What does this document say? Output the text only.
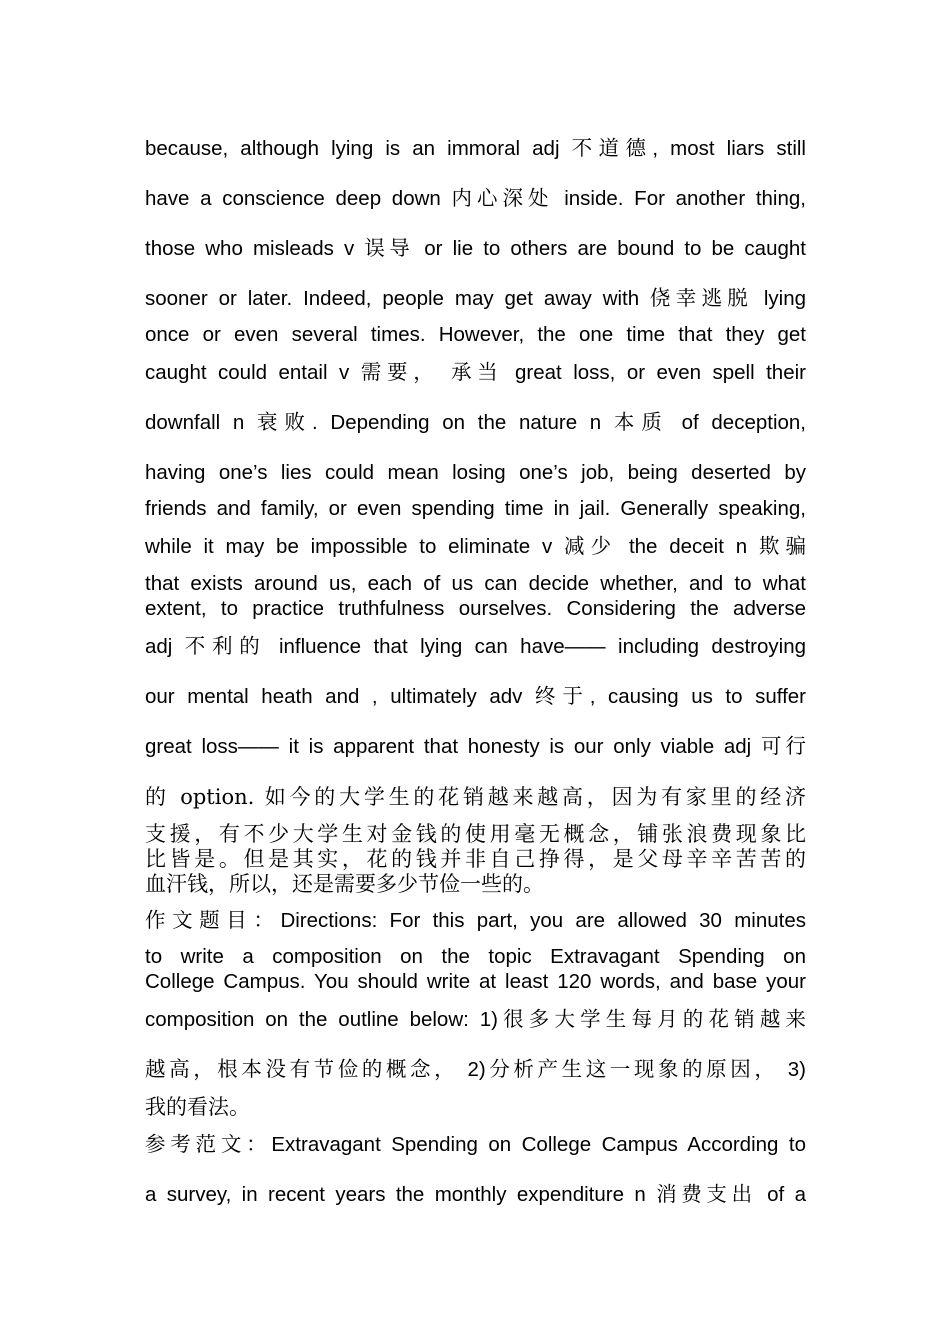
because, although lying is an immoral adj 不道德, most liars still
have a conscience deep down 内心深处 inside. For another thing,
those who misleads v 误导 or lie to others are bound to be caught
sooner or later. Indeed, people may get away with 侥幸逃脱 lying
once or even several times. However, the one time that they get
caught could entail v 需要， 承当 great loss, or even spell their
downfall n 衰败. Depending on the nature n 本质 of deception,
having one’s lies could mean losing one’s job, being deserted by
friends and family, or even spending time in jail. Generally speaking,
while it may be impossible to eliminate v 减少 the deceit n 欺骗
that exists around us, each of us can decide whether, and to what
extent, to practice truthfulness ourselves. Considering the adverse
adj 不利的 influence that lying can have—— including destroying
our mental heath and , ultimately adv 终于, causing us to suffer
great loss—— it is apparent that honesty is our only viable adj 可行
的 option. 如今的大学生的花销越来越高，因为有家里的经济
支援，有不少大学生对金钱的使用毫无概念，铺张浪费现象比
比皆是。但是其实，花的钱并非自己挣得，是父母辛辛苦苦的
血汗钱，所以，还是需要多少节俭一些的。
作文题目：Directions: For this part, you are allowed 30 minutes
to write a composition on the topic Extravagant Spending on
College Campus. You should write at least 120 words, and base your
composition on the outline below: 1)很多大学生每月的花销越来
越高，根本没有节俭的概念， 2)分析产生这一现象的原因， 3)
我的看法。
参考范文：Extravagant Spending on College Campus According to
a survey, in recent years the monthly expenditure n 消费支出 of a
